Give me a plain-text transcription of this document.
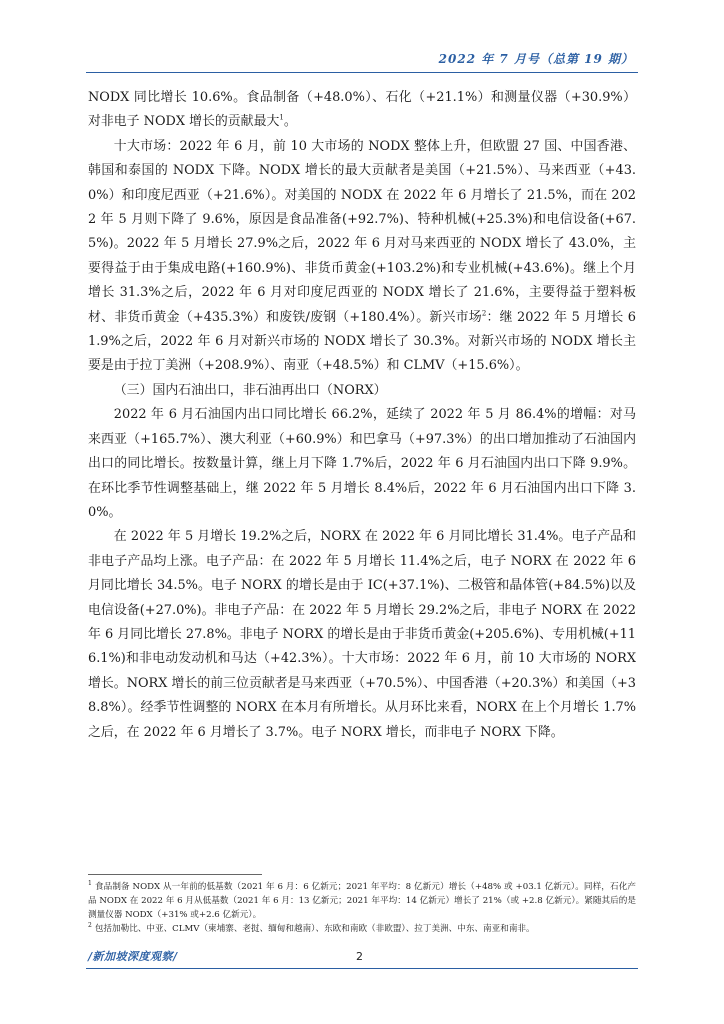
2022 年 7 月号（总第 19 期）

NODX 同比增长 10.6%。食品制备（+48.0%）、石化（+21.1%）和测量仪器（+30.9%）对非电子 NODX 增长的贡献最大$^1$。

十大市场：2022 年 6 月，前 10 大市场的 NODX 整体上升，但欧盟 27 国、中国香港、韩国和泰国的 NODX 下降。NODX 增长的最大贡献者是美国（+21.5%）、马来西亚（+43.0%）和印度尼西亚（+21.6%）。对美国的 NODX 在 2022 年 6 月增长了 21.5%，而在 2022 年 5 月则下降了 9.6%，原因是食品准备(+92.7%)、特种机械(+25.3%)和电信设备(+67.5%)。2022 年 5 月增长 27.9%之后，2022 年 6 月对马来西亚的 NODX 增长了 43.0%，主要得益于由于集成电路(+160.9%)、非货币黄金(+103.2%)和专业机械(+43.6%)。继上个月增长 31.3%之后，2022 年 6 月对印度尼西亚的 NODX 增长了 21.6%，主要得益于塑料板材、非货币黄金（+435.3%）和废铁/废钢（+180.4%）。新兴市场$^2$：继 2022 年 5 月增长 61.9%之后，2022 年 6 月对新兴市场的 NODX 增长了 30.3%。对新兴市场的 NODX 增长主要是由于拉丁美洲（+208.9%）、南亚（+48.5%）和 CLMV（+15.6%）。

（三）国内石油出口，非石油再出口（NORX）

2022 年 6 月石油国内出口同比增长 66.2%，延续了 2022 年 5 月 86.4%的增幅：对马来西亚（+165.7%）、澳大利亚（+60.9%）和巴拿马（+97.3%）的出口增加推动了石油国内出口的同比增长。按数量计算，继上月下降 1.7%后，2022 年 6 月石油国内出口下降 9.9%。在环比季节性调整基础上，继 2022 年 5 月增长 8.4%后，2022 年 6 月石油国内出口下降 3.0%。

在 2022 年 5 月增长 19.2%之后，NORX 在 2022 年 6 月同比增长 31.4%。电子产品和非电子产品均上涨。电子产品：在 2022 年 5 月增长 11.4%之后，电子 NORX 在 2022 年 6 月同比增长 34.5%。电子 NORX 的增长是由于 IC(+37.1%)、二极管和晶体管(+84.5%)以及电信设备(+27.0%)。非电子产品：在 2022 年 5 月增长 29.2%之后，非电子 NORX 在 2022 年 6 月同比增长 27.8%。非电子 NORX 的增长是由于非货币黄金(+205.6%)、专用机械(+116.1%)和非电动发动机和马达（+42.3%）。十大市场：2022 年 6 月，前 10 大市场的 NORX 增长。NORX 增长的前三位贡献者是马来西亚（+70.5%）、中国香港（+20.3%）和美国（+38.8%）。经季节性调整的 NORX 在本月有所增长。从月环比来看，NORX 在上个月增长 1.7%之后，在 2022 年 6 月增长了 3.7%。电子 NORX 增长，而非电子 NORX 下降。

$^1$ 食品制备 NODX 从一年前的低基数（2021 年 6 月：6 亿新元；2021 年平均：8 亿新元）增长（+48% 或 +03.1 亿新元）。同样，石化产品 NODX 在 2022 年 6 月从低基数（2021 年 6 月：13 亿新元；2021 年平均：14 亿新元）增长了 21%（或 +2.8 亿新元）。紧随其后的是测量仪器 NODX（+31% 或+2.6 亿新元）。

$^2$ 包括加勒比、中亚、CLMV（柬埔寨、老挝、缅甸和越南）、东欧和南欧（非欧盟）、拉丁美洲、中东、南亚和南非。

/新加坡深度观察/	2
